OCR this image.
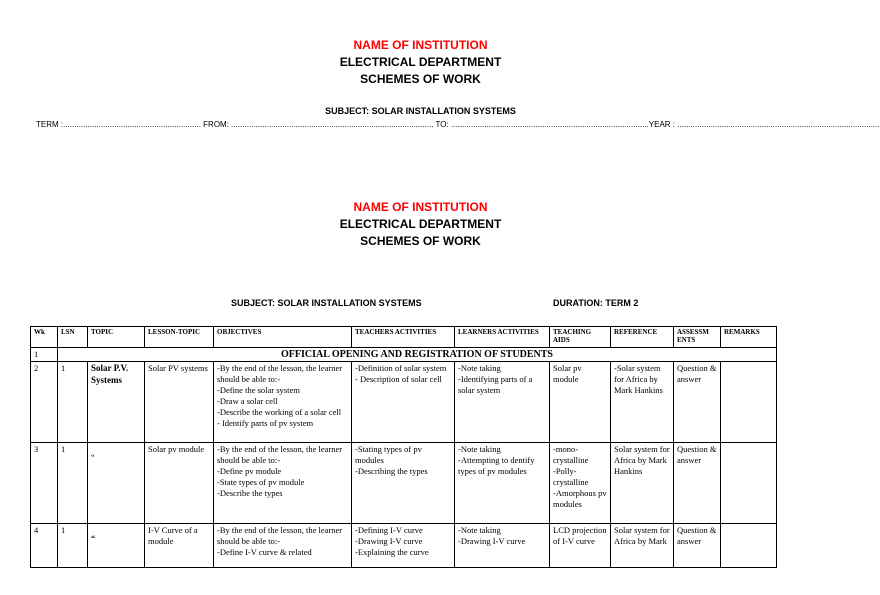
NAME OF INSTITUTION
ELECTRICAL DEPARTMENT
SCHEMES OF WORK
SUBJECT: SOLAR INSTALLATION SYSTEMS
TERM :.............................................................. FROM: ........................................................................................... TO: .........................................................................................YEAR : ...........................................................................................
NAME OF INSTITUTION
ELECTRICAL DEPARTMENT
SCHEMES OF WORK
SUBJECT: SOLAR INSTALLATION SYSTEMS	DURATION: TERM 2
Wk	LSN	TOPIC	LESSON-TOPIC	OBJECTIVES	TEACHERS ACTIVITIES	LEARNERS ACTIVITIES	TEACHING AIDS	REFERENCE	ASSESSM ENTS	REMARKS
1	OFFICIAL OPENING AND REGISTRATION OF STUDENTS									
2	1	Solar P.V. Systems	Solar PV systems	-By the end of the lesson, the learner should be able to:-
-Define the solar system
-Draw a solar cell
-Describe the working of a solar cell
- Identify parts of pv system	-Definition of solar system
- Description of solar cell	-Note taking
-Identifying parts of a solar system	Solar pv module	-Solar system for Africa by Mark Hankins	Question & answer	
3	1	“	Solar pv module	-By the end of the lesson, the learner should be able to:-
-Define pv module
-State types of pv module
-Describe the types	-Stating types of pv modules
-Describing the types	-Note taking
-Attempting to dentify types of pv modules	-mono-crystalline
-Polly-crystalline
-Amorphous pv modules	Solar system for Africa by Mark Hankins	Question & answer	
4	1	“	I-V Curve of a module	-By the end of the lesson, the learner should be able to:-
-Define I-V curve & related	-Defining I-V curve
-Drawing I-V curve
-Explaining the curve	-Note taking
-Drawing I-V curve	LCD projection of I-V curve	Solar system for Africa by Mark	Question & answer	
